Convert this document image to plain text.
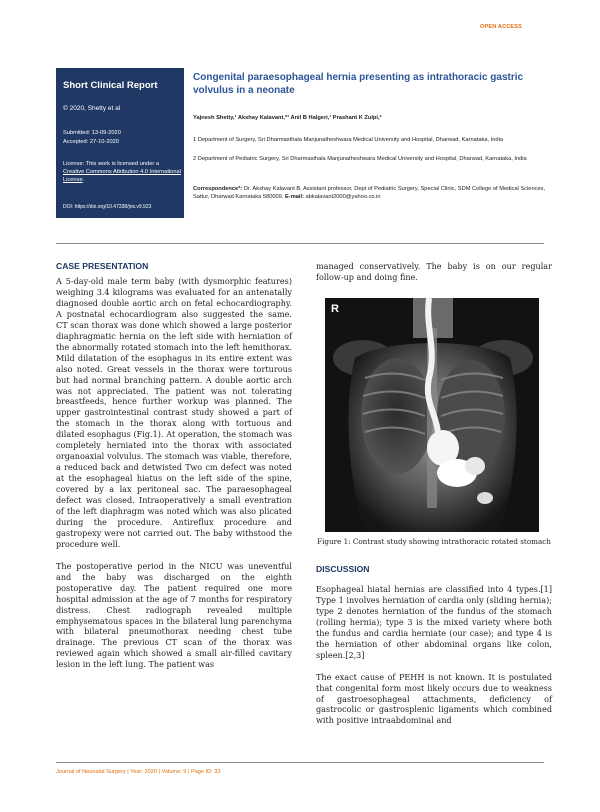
OPEN ACCESS
Short Clinical Report
© 2020, Shetty et al
Submitted: 13-09-2020
Accepted: 27-10-2020
License: This work is licensed under a Creative Commons Attribution 4.0 International License.
DOI: https://doi.org/10.47338/jns.v9.923
Congenital paraesophageal hernia presenting as intrathoracic gastric volvulus in a neonate
Yajnesh Shetty,¹ Akshay Kalavant,*¹ Anil B Halgeri,¹ Prashant K Zulpi,²
1 Department of Surgery, Sri Dharmasthala Manjunatheshwara Medical University and Hospital, Dharwad, Karnataka, India
2 Department of Pediatric Surgery, Sri Dharmasthala Manjunatheshwara Medical University and Hospital, Dharwad, Karnataka, India
Correspondence*: Dr. Akshay Kalavant B, Assistant professor, Dept of Pediatric Surgery, Special Clinic, SDM College of Medical Sciences, Sattur, Dharwad Karnataka 580009, E-mail: abkalavant2000@yahoo.co.in
CASE PRESENTATION

A 5-day-old male term baby (with dysmorphic features) weighing 3.4 kilograms was evaluated for an antenatally diagnosed double aortic arch on fetal echocardiography. A postnatal echocardiogram also suggested the same. CT scan thorax was done which showed a large posterior diaphragmatic hernia on the left side with herniation of the abnormally rotated stomach into the left hemithorax. Mild dilatation of the esophagus in its entire extent was also noted. Great vessels in the thorax were torturous but had normal branching pattern. A double aortic arch was not appreciated. The patient was not tolerating breastfeeds, hence further workup was planned. The upper gastrointestinal contrast study showed a part of the stomach in the thorax along with tortuous and dilated esophagus (Fig.1). At operation, the stomach was completely herniated into the thorax with associated organoaxial volvulus. The stomach was viable, therefore, a reduced back and detwisted Two cm defect was noted at the esophageal hiatus on the left side of the spine, covered by a lax peritoneal sac. The paraesophageal defect was closed. Intraoperatively a small eventration of the left diaphragm was noted which was also plicated during the procedure. Antireflux procedure and gastropexy were not carried out. The baby withstood the procedure well.

The postoperative period in the NICU was uneventful and the baby was discharged on the eighth postoperative day. The patient required one more hospital admission at the age of 7 months for respiratory distress. Chest radiograph revealed multiple emphysematous spaces in the bilateral lung parenchyma with bilateral pneumothorax needing chest tube drainage. The previous CT scan of the thorax was reviewed again which showed a small air-filled cavitary lesion in the left lung. The patient was

managed conservatively. The baby is on our regular follow-up and doing fine.

R
Figure 1: Contrast study showing intrathoracic rotated stomach
DISCUSSION

Esophageal hiatal hernias are classified into 4 types.[1] Type 1 involves herniation of cardia only (sliding hernia); type 2 denotes herniation of the fundus of the stomach (rolling hernia); type 3 is the mixed variety where both the fundus and cardia herniate (our case); and type 4 is the herniation of other abdominal organs like colon, spleen.[2,3]

The exact cause of PEHH is not known. It is postulated that congenital form most likely occurs due to weakness of gastroesophageal attachments, deficiency of gastrocolic or gastrosplenic ligaments which combined with positive intraabdominal and

Journal of Neonatal Surgery | Year: 2020 | Volume: 9 | Page ID: 33
